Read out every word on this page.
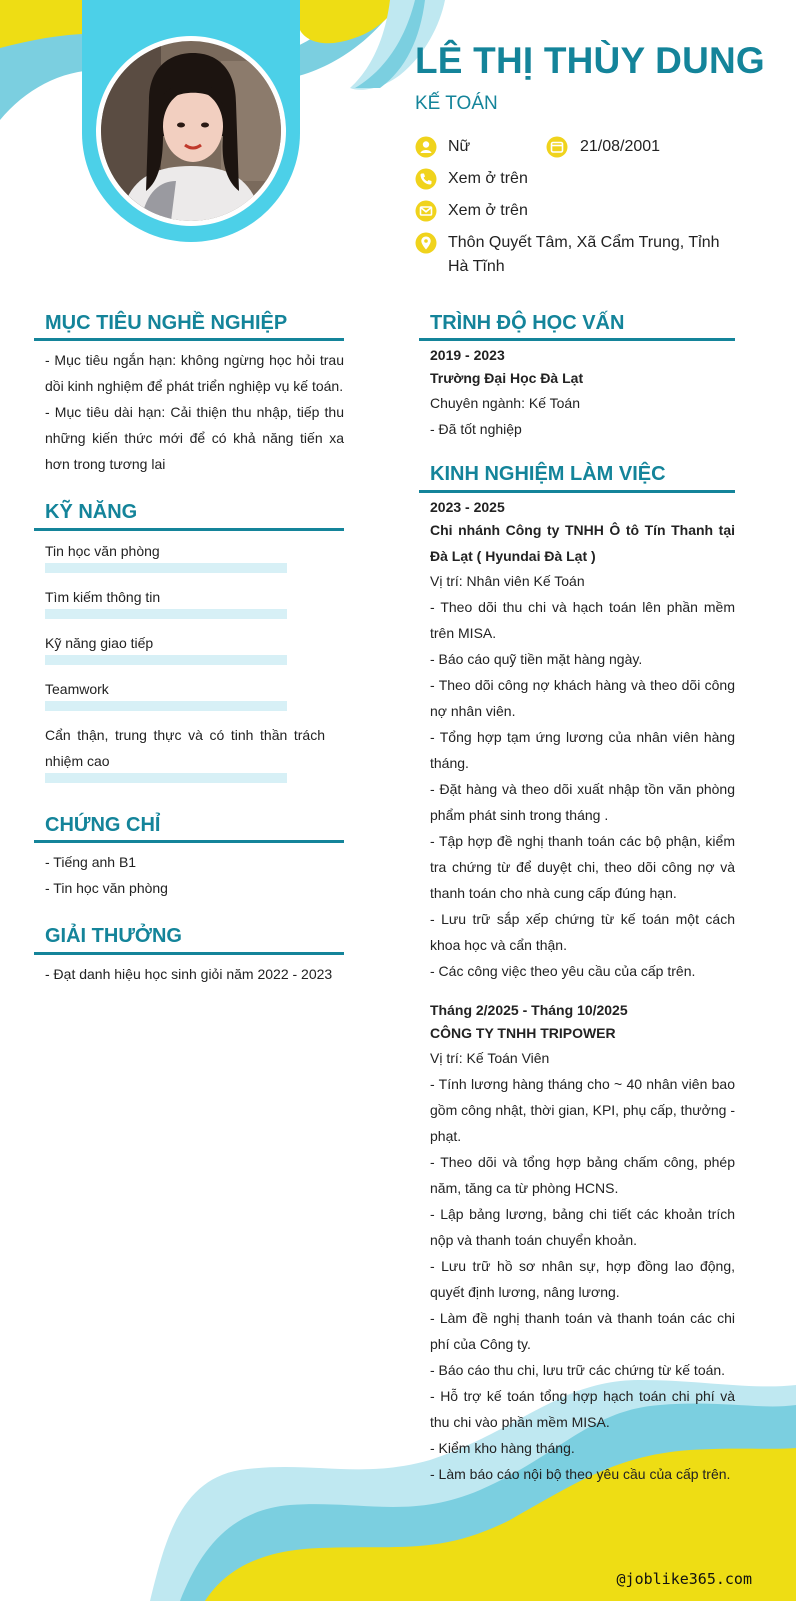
LÊ THỊ THÙY DUNG
KẾ TOÁN
Nữ	21/08/2001
Xem ở trên
Xem ở trên
Thôn Quyết Tâm, Xã Cẩm Trung, Tỉnh Hà Tĩnh
MỤC TIÊU NGHỀ NGHIỆP
- Mục tiêu ngắn hạn: không ngừng học hỏi trau dồi kinh nghiệm để phát triển nghiệp vụ kế toán.
- Mục tiêu dài hạn: Cải thiện thu nhập, tiếp thu những kiến thức mới để có khả năng tiến xa hơn trong tương lai
KỸ NĂNG
Tin học văn phòng
Tìm kiếm thông tin
Kỹ năng giao tiếp
Teamwork
Cẩn thận, trung thực và có tinh thần trách nhiệm cao
CHỨNG CHỈ
- Tiếng anh B1
- Tin học văn phòng
GIẢI THƯỞNG
- Đạt danh hiệu học sinh giỏi năm 2022 - 2023
TRÌNH ĐỘ HỌC VẤN
2019 - 2023
Trường Đại Học Đà Lạt
Chuyên ngành: Kế Toán
- Đã tốt nghiệp
KINH NGHIỆM LÀM VIỆC
2023 - 2025
Chi nhánh Công ty TNHH Ô tô Tín Thanh tại Đà Lạt ( Hyundai Đà Lạt )
Vị trí: Nhân viên Kế Toán
- Theo dõi thu chi và hạch toán lên phần mềm trên MISA.
- Báo cáo quỹ tiền mặt hàng ngày.
- Theo dõi công nợ khách hàng và theo dõi công nợ nhân viên.
- Tổng hợp tạm ứng lương của nhân viên hàng tháng.
- Đặt hàng và theo dõi xuất nhập tồn văn phòng phẩm phát sinh trong tháng .
- Tập hợp đề nghị thanh toán các bộ phận, kiểm tra chứng từ để duyệt chi, theo dõi công nợ và thanh toán cho nhà cung cấp đúng hạn.
- Lưu trữ sắp xếp chứng từ kế toán một cách khoa học và cẩn thận.
- Các công việc theo yêu cầu của cấp trên.
Tháng 2/2025 - Tháng 10/2025
CÔNG TY TNHH TRIPOWER
Vị trí: Kế Toán Viên
- Tính lương hàng tháng cho ~ 40 nhân viên bao gồm công nhật, thời gian, KPI, phụ cấp, thưởng - phạt.
- Theo dõi và tổng hợp bảng chấm công, phép năm, tăng ca từ phòng HCNS.
- Lập bảng lương, bảng chi tiết các khoản trích nộp và thanh toán chuyển khoản.
- Lưu trữ hồ sơ nhân sự, hợp đồng lao động, quyết định lương, nâng lương.
- Làm đề nghị thanh toán và thanh toán các chi phí của Công ty.
- Báo cáo thu chi, lưu trữ các chứng từ kế toán.
- Hỗ trợ kế toán tổng hợp hạch toán chi phí và thu chi vào phần mềm MISA.
- Kiểm kho hàng tháng.
- Làm báo cáo nội bộ theo yêu cầu của cấp trên.
@joblike365.com
